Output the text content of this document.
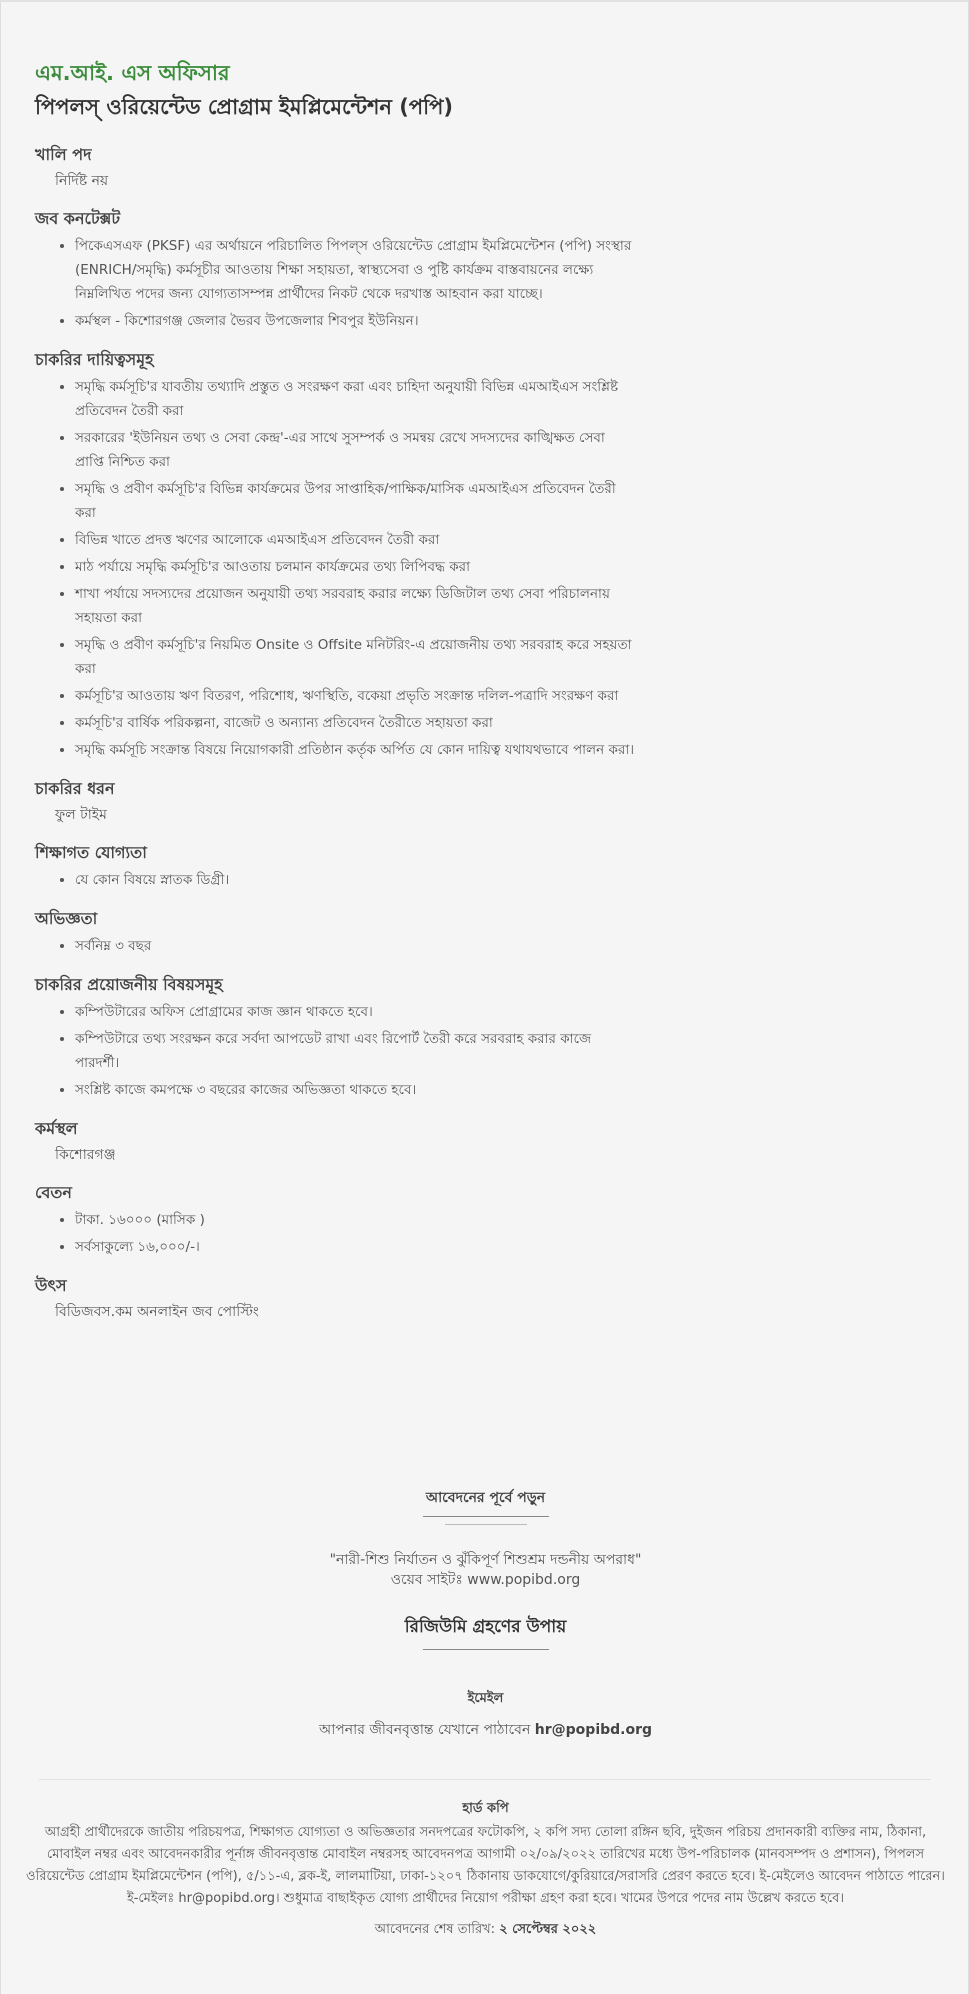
এম.আই. এস অফিসার
পিপলস্ ওরিয়েন্টেড প্রোগ্রাম ইমপ্লিমেন্টেশন (পপি)
খালি পদ
নির্দিষ্ট নয়
জব কনটেক্সট
• পিকেএসএফ (PKSF) এর অর্থায়নে পরিচালিত পিপল্‌স ওরিয়েন্টেড প্রোগ্রাম ইমপ্লিমেন্টেশন (পপি) সংস্থার (ENRICH/সমৃদ্ধি) কর্মসূচীর আওতায় শিক্ষা সহায়তা, স্বাস্থ্যসেবা ও পুষ্টি কার্যক্রম বাস্তবায়নের লক্ষ্যে নিম্নলিখিত পদের জন্য যোগ্যতাসম্পন্ন প্রার্থীদের নিকট থেকে দরখাস্ত আহবান করা যাচ্ছে।
• কর্মস্থল - কিশোরগঞ্জ জেলার ভৈরব উপজেলার শিবপুর ইউনিয়ন।
চাকরির দায়িত্বসমূহ
• সমৃদ্ধি কর্মসূচি'র যাবতীয় তথ্যাদি প্রস্তুত ও সংরক্ষণ করা এবং চাহিদা অনুযায়ী বিভিন্ন এমআইএস সংশ্লিষ্ট প্রতিবেদন তৈরী করা
• সরকারের 'ইউনিয়ন তথ্য ও সেবা কেন্দ্র'-এর সাথে সুসম্পর্ক ও সমন্বয় রেখে সদস্যদের কাঙ্খিক্ষত সেবা প্রাপ্তি নিশ্চিত করা
• সমৃদ্ধি ও প্রবীণ কর্মসূচি'র বিভিন্ন কার্যক্রমের উপর সাপ্তাহিক/পাক্ষিক/মাসিক এমআইএস প্রতিবেদন তৈরী করা
• বিভিন্ন খাতে প্রদত্ত ঋণের আলোকে এমআইএস প্রতিবেদন তৈরী করা
• মাঠ পর্যায়ে সমৃদ্ধি কর্মসূচি'র আওতায় চলমান কার্যক্রমের তথ্য লিপিবদ্ধ করা
• শাখা পর্যায়ে সদস্যদের প্রয়োজন অনুযায়ী তথ্য সরবরাহ করার লক্ষ্যে ডিজিটাল তথ্য সেবা পরিচালনায় সহায়তা করা
• সমৃদ্ধি ও প্রবীণ কর্মসূচি'র নিয়মিত Onsite ও Offsite মনিটরিং-এ প্রয়োজনীয় তথ্য সরবরাহ করে সহয়তা করা
• কর্মসূচি'র আওতায় ঋণ বিতরণ, পরিশোধ, ঋণস্থিতি, বকেয়া প্রভৃতি সংক্রান্ত দলিল-পত্রাদি সংরক্ষণ করা
• কর্মসূচি'র বার্ষিক পরিকল্পনা, বাজেট ও অন্যান্য প্রতিবেদন তৈরীতে সহায়তা করা
• সমৃদ্ধি কর্মসূচি সংক্রান্ত বিষয়ে নিয়োগকারী প্রতিষ্ঠান কর্তৃক অর্পিত যে কোন দায়িত্ব যথাযথভাবে পালন করা।
চাকরির ধরন
ফুল টাইম
শিক্ষাগত যোগ্যতা
• যে কোন বিষয়ে স্নাতক ডিগ্রী।
অভিজ্ঞতা
• সর্বনিম্ন ৩ বছর
চাকরির প্রয়োজনীয় বিষয়সমূহ
• কম্পিউটারের অফিস প্রোগ্রামের কাজ জ্ঞান থাকতে হবে।
• কম্পিউটারে তথ্য সংরক্ষন করে সর্বদা আপডেট রাখা এবং রিপোর্ট তৈরী করে সরবরাহ করার কাজে পারদর্শী।
• সংশ্লিষ্ট কাজে কমপক্ষে ৩ বছরের কাজের অভিজ্ঞতা থাকতে হবে।
কর্মস্থল
কিশোরগঞ্জ
বেতন
• টাকা. ১৬০০০ (মাসিক )
• সর্বসাকুল্যে ১৬,০০০/-।
উৎস
বিডিজবস.কম অনলাইন জব পোস্টিং
আবেদনের পূর্বে পড়ুন
"নারী-শিশু নির্যাতন ও ঝুঁকিপূর্ণ শিশুশ্রম দন্ডনীয় অপরাধ"
ওয়েব সাইটঃ www.popibd.org
রিজিউমি গ্রহণের উপায়
ইমেইল
আপনার জীবনবৃত্তান্ত যেখানে পাঠাবেন hr@popibd.org
হার্ড কপি
আগ্রহী প্রার্থীদেরকে জাতীয় পরিচয়পত্র, শিক্ষাগত যোগ্যতা ও অভিজ্ঞতার সনদপত্রের ফটোকপি, ২ কপি সদ্য তোলা রঙ্গিন ছবি, দুইজন পরিচয় প্রদানকারী ব্যক্তির নাম, ঠিকানা, মোবাইল নম্বর এবং আবেদনকারীর পূর্নাঙ্গ জীবনবৃত্তান্ত মোবাইল নম্বরসহ আবেদনপত্র আগামী ০২/০৯/২০২২ তারিখের মধ্যে উপ-পরিচালক (মানবসম্পদ ও প্রশাসন), পিপলস ওরিয়েন্টেড প্রোগ্রাম ইমপ্লিমেন্টেশন (পপি), ৫/১১-এ, ব্লক-ই, লালমাটিয়া, ঢাকা-১২০৭ ঠিকানায় ডাকযোগে/কুরিয়ারে/সরাসরি প্রেরণ করতে হবে। ই-মেইলেও আবেদন পাঠাতে পারেন। ই-মেইলঃ hr@popibd.org। শুধুমাত্র বাছাইকৃত যোগ্য প্রার্থীদের নিয়োগ পরীক্ষা গ্রহণ করা হবে। খামের উপরে পদের নাম উল্লেখ করতে হবে।
আবেদনের শেষ তারিখ: ২ সেপ্টেম্বর ২০২২
